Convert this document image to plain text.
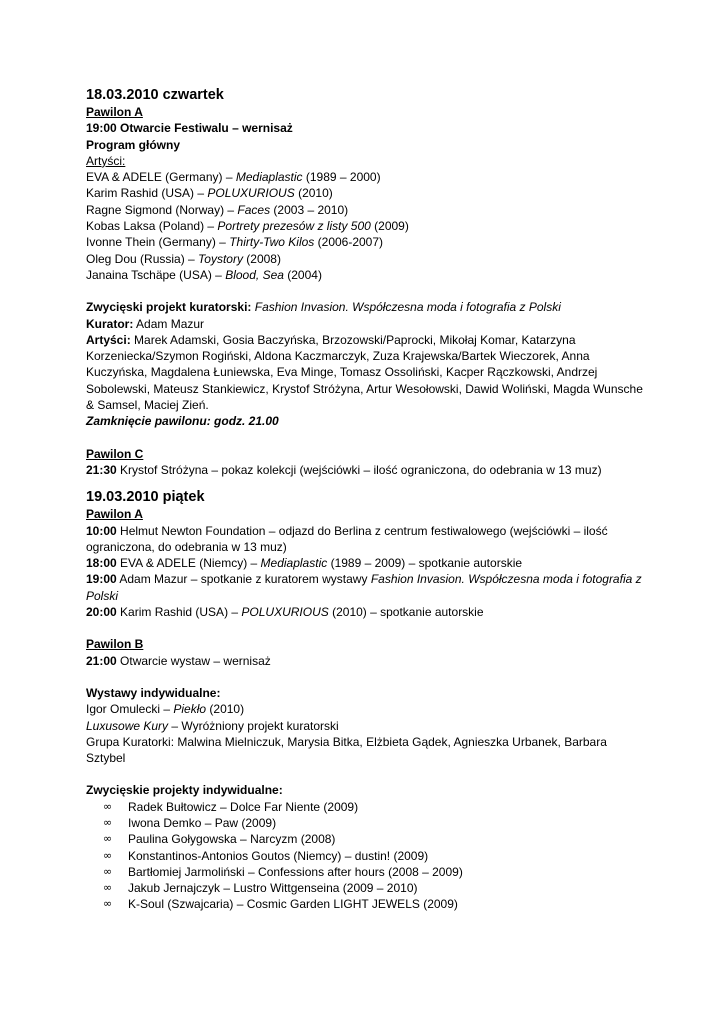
18.03.2010 czwartek
Pawilon A
19:00 Otwarcie Festiwalu – wernisaż
Program główny
Artyści:
EVA & ADELE (Germany) – Mediaplastic (1989 – 2000)
Karim Rashid (USA) – POLUXURIOUS (2010)
Ragne Sigmond (Norway) – Faces (2003 – 2010)
Kobas Laksa (Poland) – Portrety prezesów z listy 500 (2009)
Ivonne Thein (Germany) – Thirty-Two Kilos (2006-2007)
Oleg Dou (Russia) – Toystory (2008)
Janaina Tschäpe (USA) – Blood, Sea (2004)
Zwycięski projekt kuratorski: Fashion Invasion. Współczesna moda i fotografia z Polski
Kurator: Adam Mazur
Artyści: Marek Adamski, Gosia Baczyńska, Brzozowski/Paprocki, Mikołaj Komar, Katarzyna Korzeniecka/Szymon Rogiński, Aldona Kaczmarczyk, Zuza Krajewska/Bartek Wieczorek, Anna Kuczyńska, Magdalena Łuniewska, Eva Minge, Tomasz Ossoliński, Kacper Rączkowski, Andrzej Sobolewski, Mateusz Stankiewicz, Krystof Stróżyna, Artur Wesołowski, Dawid Woliński, Magda Wunsche & Samsel, Maciej Zień.
Zamknięcie pawilonu: godz. 21.00
Pawilon C
21:30 Krystof Stróżyna – pokaz kolekcji (wejściówki – ilość ograniczona, do odebrania w 13 muz)
19.03.2010 piątek
Pawilon A
10:00 Helmut Newton Foundation – odjazd do Berlina z centrum festiwalowego (wejściówki – ilość ograniczona, do odebrania w 13 muz)
18:00 EVA & ADELE (Niemcy) – Mediaplastic (1989 – 2009) – spotkanie autorskie
19:00 Adam Mazur – spotkanie z kuratorem wystawy Fashion Invasion. Współczesna moda i fotografia z Polski
20:00 Karim Rashid (USA) – POLUXURIOUS (2010) – spotkanie autorskie
Pawilon B
21:00 Otwarcie wystaw – wernisaż
Wystawy indywidualne:
Igor Omulecki – Piekło (2010)
Luxusowe Kury – Wyróżniony projekt kuratorski
Grupa Kuratorki: Malwina Mielniczuk, Marysia Bitka, Elżbieta Gądek, Agnieszka Urbanek, Barbara Sztybel
Zwycięskie projekty indywidualne:
∞ Radek Bułtowicz – Dolce Far Niente (2009)
∞ Iwona Demko – Paw (2009)
∞ Paulina Gołygowska – Narcyzm (2008)
∞ Konstantinos-Antonios Goutos (Niemcy) – dustin! (2009)
∞ Bartłomiej Jarmoliński – Confessions after hours (2008 – 2009)
∞ Jakub Jernajczyk – Lustro Wittgenseina (2009 – 2010)
∞ K-Soul (Szwajcaria) – Cosmic Garden LIGHT JEWELS (2009)
